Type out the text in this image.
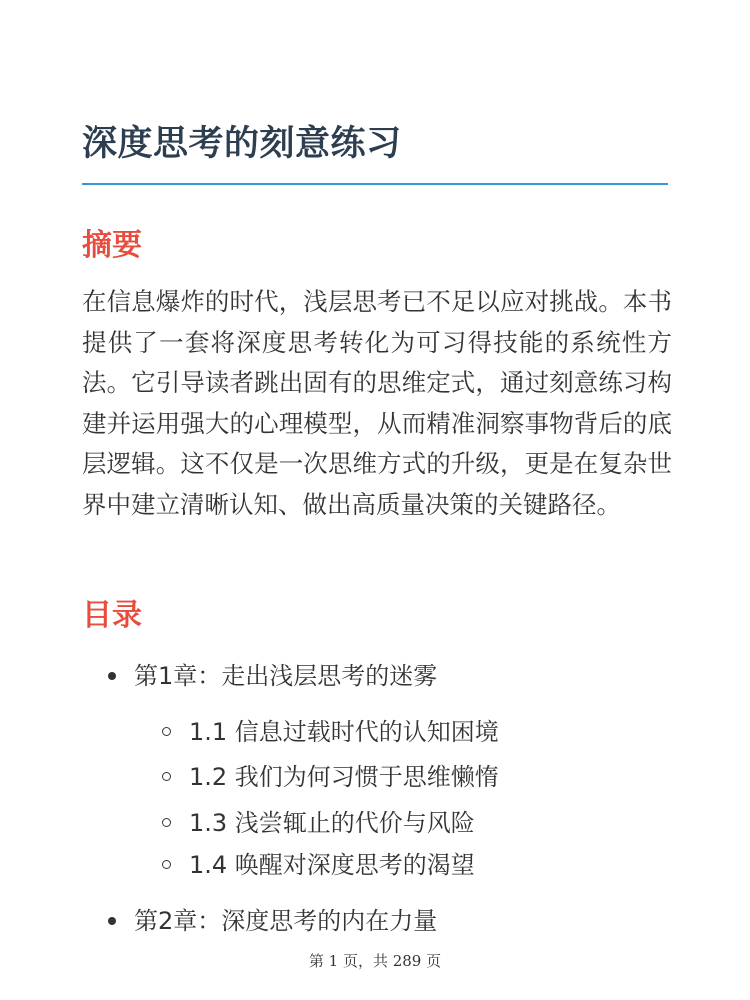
深度思考的刻意练习
摘要

在信息爆炸的时代，浅层思考已不足以应对挑战。本书提供了一套将深度思考转化为可习得技能的系统性方法。它引导读者跳出固有的思维定式，通过刻意练习构建并运用强大的心理模型，从而精准洞察事物背后的底层逻辑。这不仅是一次思维方式的升级，更是在复杂世界中建立清晰认知、做出高质量决策的关键路径。

目录
第1章：走出浅层思考的迷雾
1.1 信息过载时代的认知困境
1.2 我们为何习惯于思维懒惰
1.3 浅尝辄止的代价与风险
1.4 唤醒对深度思考的渴望
第2章：深度思考的内在力量
第 1 页，共 289 页
